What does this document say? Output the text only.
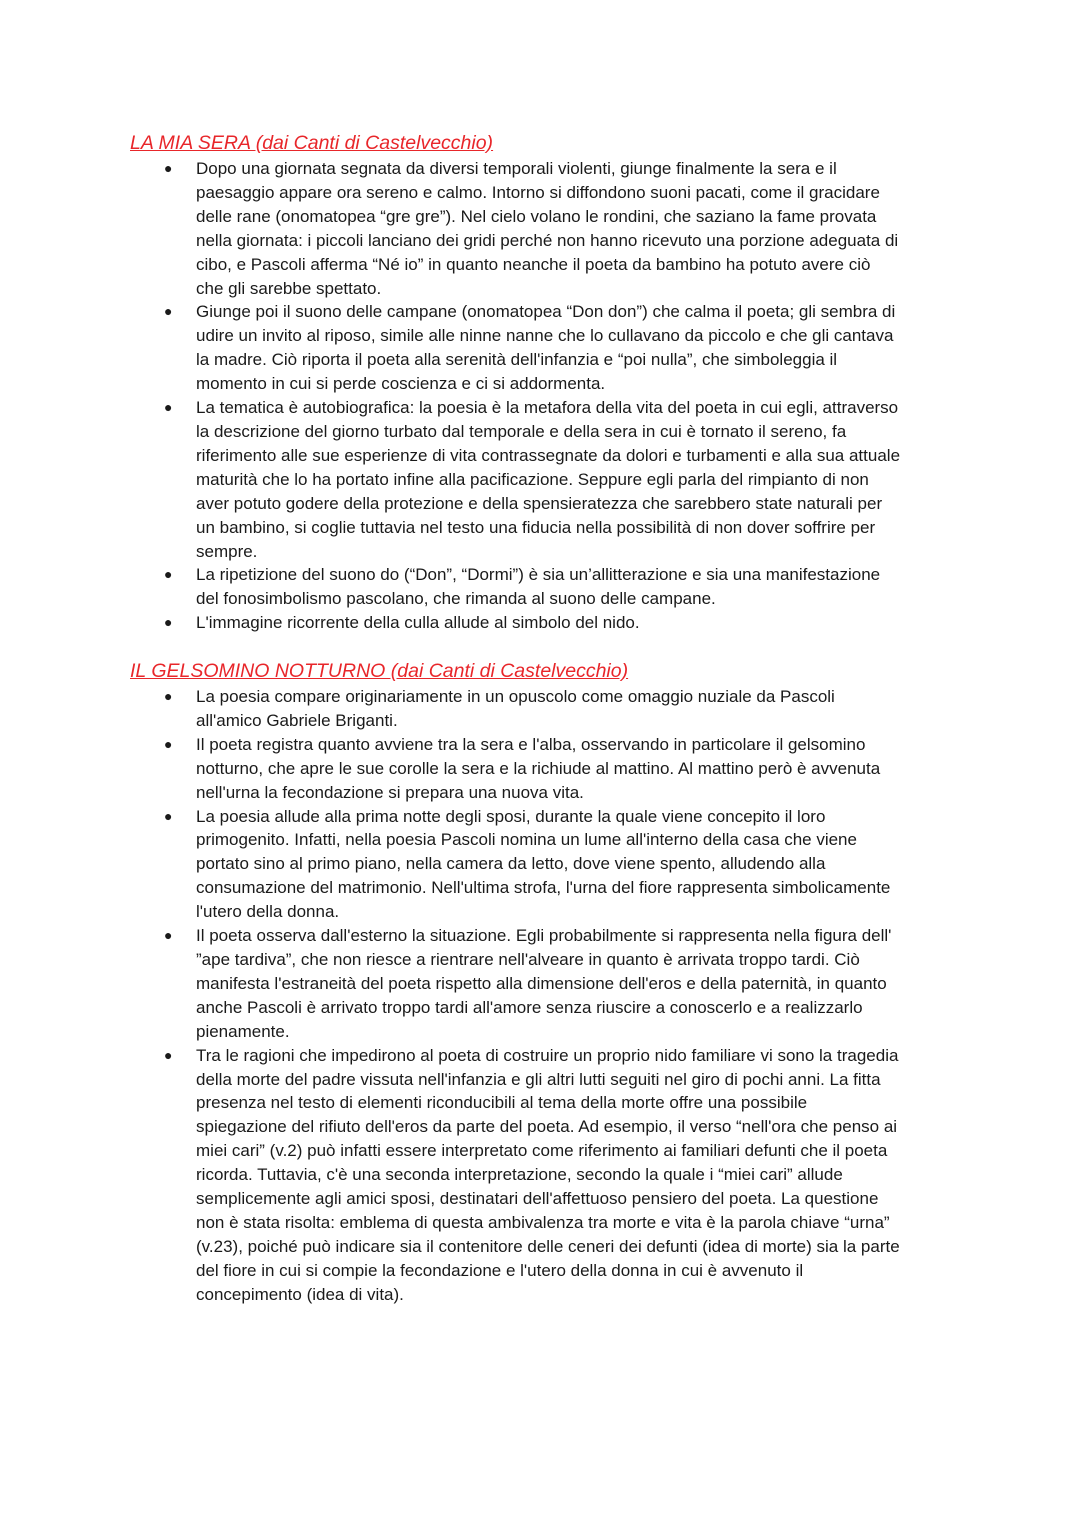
LA MIA SERA (dai Canti di Castelvecchio)
● Dopo una giornata segnata da diversi temporali violenti, giunge finalmente la sera e il
paesaggio appare ora sereno e calmo. Intorno si diffondono suoni pacati, come il gracidare
delle rane (onomatopea “gre gre”). Nel cielo volano le rondini, che saziano la fame provata
nella giornata: i piccoli lanciano dei gridi perché non hanno ricevuto una porzione adeguata di
cibo, e Pascoli afferma “Né io” in quanto neanche il poeta da bambino ha potuto avere ciò
che gli sarebbe spettato.
● Giunge poi il suono delle campane (onomatopea “Don don”) che calma il poeta; gli sembra di
udire un invito al riposo, simile alle ninne nanne che lo cullavano da piccolo e che gli cantava
la madre. Ciò riporta il poeta alla serenità dell'infanzia e “poi nulla”, che simboleggia il
momento in cui si perde coscienza e ci si addormenta.
● La tematica è autobiografica: la poesia è la metafora della vita del poeta in cui egli, attraverso
la descrizione del giorno turbato dal temporale e della sera in cui è tornato il sereno, fa
riferimento alle sue esperienze di vita contrassegnate da dolori e turbamenti e alla sua attuale
maturità che lo ha portato infine alla pacificazione. Seppure egli parla del rimpianto di non
aver potuto godere della protezione e della spensieratezza che sarebbero state naturali per
un bambino, si coglie tuttavia nel testo una fiducia nella possibilità di non dover soffrire per
sempre.
● La ripetizione del suono do (“Don”, “Dormi”) è sia un’allitterazione e sia una manifestazione
del fonosimbolismo pascolano, che rimanda al suono delle campane.
● L'immagine ricorrente della culla allude al simbolo del nido.
IL GELSOMINO NOTTURNO (dai Canti di Castelvecchio)
● La poesia compare originariamente in un opuscolo come omaggio nuziale da Pascoli
all'amico Gabriele Briganti.
● Il poeta registra quanto avviene tra la sera e l'alba, osservando in particolare il gelsomino
notturno, che apre le sue corolle la sera e la richiude al mattino. Al mattino però è avvenuta
nell'urna la fecondazione si prepara una nuova vita.
● La poesia allude alla prima notte degli sposi, durante la quale viene concepito il loro
primogenito. Infatti, nella poesia Pascoli nomina un lume all'interno della casa che viene
portato sino al primo piano, nella camera da letto, dove viene spento, alludendo alla
consumazione del matrimonio. Nell'ultima strofa, l'urna del fiore rappresenta simbolicamente
l'utero della donna.
● Il poeta osserva dall'esterno la situazione. Egli probabilmente si rappresenta nella figura dell'
”ape tardiva”, che non riesce a rientrare nell'alveare in quanto è arrivata troppo tardi. Ciò
manifesta l'estraneità del poeta rispetto alla dimensione dell'eros e della paternità, in quanto
anche Pascoli è arrivato troppo tardi all'amore senza riuscire a conoscerlo e a realizzarlo
pienamente.
● Tra le ragioni che impedirono al poeta di costruire un proprio nido familiare vi sono la tragedia
della morte del padre vissuta nell'infanzia e gli altri lutti seguiti nel giro di pochi anni. La fitta
presenza nel testo di elementi riconducibili al tema della morte offre una possibile
spiegazione del rifiuto dell'eros da parte del poeta. Ad esempio, il verso “nell'ora che penso ai
miei cari” (v.2) può infatti essere interpretato come riferimento ai familiari defunti che il poeta
ricorda. Tuttavia, c'è una seconda interpretazione, secondo la quale i “miei cari” allude
semplicemente agli amici sposi, destinatari dell'affettuoso pensiero del poeta. La questione
non è stata risolta: emblema di questa ambivalenza tra morte e vita è la parola chiave “urna”
(v.23), poiché può indicare sia il contenitore delle ceneri dei defunti (idea di morte) sia la parte
del fiore in cui si compie la fecondazione e l'utero della donna in cui è avvenuto il
concepimento (idea di vita).
